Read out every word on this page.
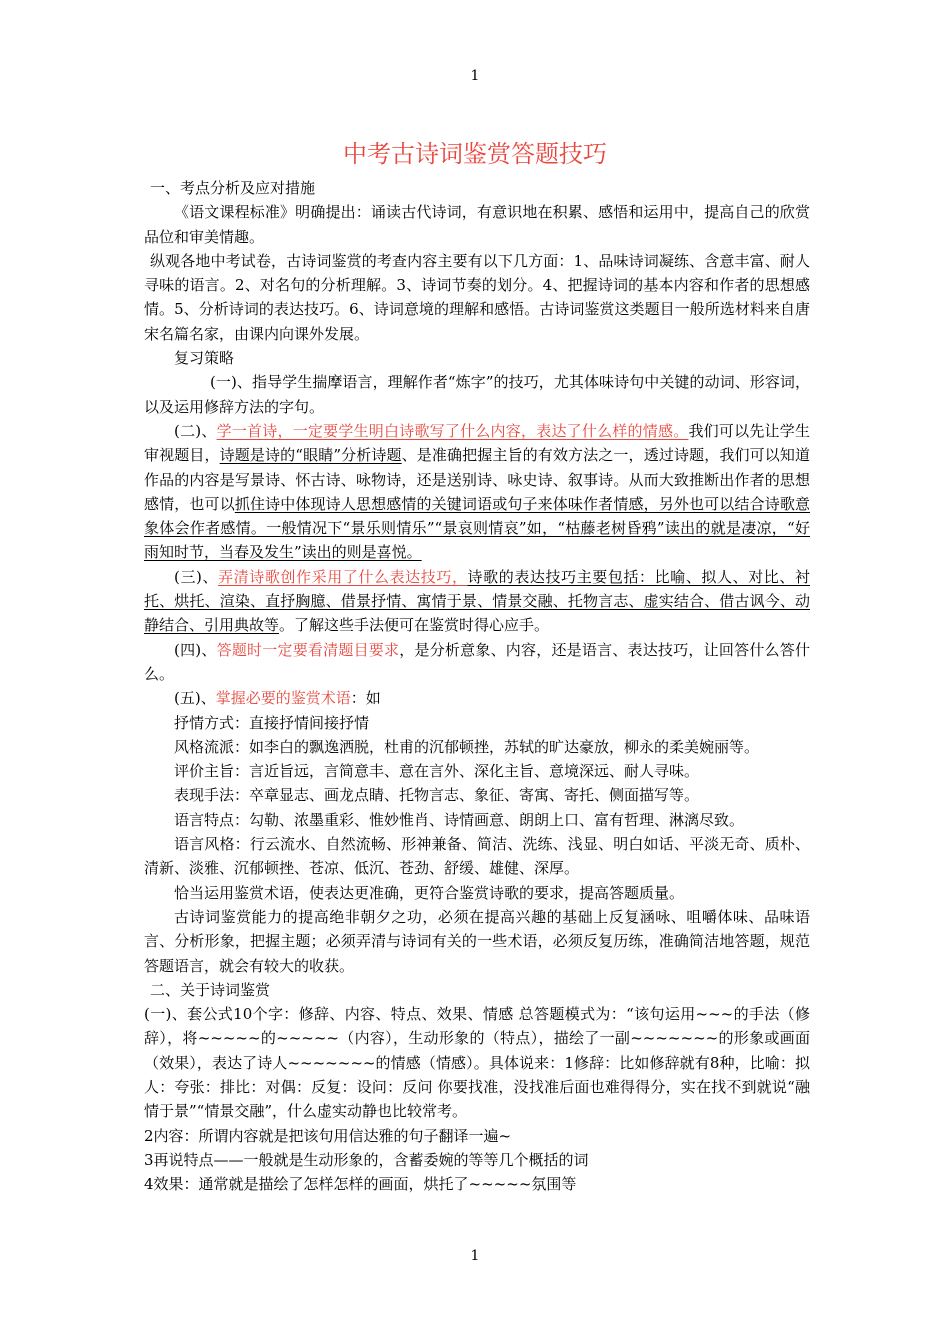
1
中考古诗词鉴赏答题技巧

一、考点分析及应对措施

《语文课程标准》明确提出：诵读古代诗词，有意识地在积累、感悟和运用中，提高自己的欣赏品位和审美情趣。

纵观各地中考试卷，古诗词鉴赏的考查内容主要有以下几方面：1、品味诗词凝练、含意丰富、耐人寻味的语言。2、对名句的分析理解。3、诗词节奏的划分。4、把握诗词的基本内容和作者的思想感情。5、分析诗词的表达技巧。6、诗词意境的理解和感悟。古诗词鉴赏这类题目一般所选材料来自唐宋名篇名家，由课内向课外发展。

复习策略

(一)、指导学生揣摩语言，理解作者“炼字”的技巧，尤其体味诗句中关键的动词、形容词，以及运用修辞方法的字句。

(二)、学一首诗，一定要学生明白诗歌写了什么内容，表达了什么样的情感。我们可以先让学生审视题目，诗题是诗的“眼睛”分析诗题、是准确把握主旨的有效方法之一，透过诗题，我们可以知道作品的内容是写景诗、怀古诗、咏物诗，还是送别诗、咏史诗、叙事诗。从而大致推断出作者的思想感情，也可以抓住诗中体现诗人思想感情的关键词语或句子来体味作者情感，另外也可以结合诗歌意象体会作者感情。一般情况下“景乐则情乐”“景哀则情哀”如，“枯藤老树昏鸦”读出的就是凄凉，“好雨知时节，当春及发生”读出的则是喜悦。

(三)、弄清诗歌创作采用了什么表达技巧，诗歌的表达技巧主要包括：比喻、拟人、对比、衬托、烘托、渲染、直抒胸臆、借景抒情、寓情于景、情景交融、托物言志、虚实结合、借古讽今、动静结合、引用典故等。了解这些手法便可在鉴赏时得心应手。

(四)、答题时一定要看清题目要求，是分析意象、内容，还是语言、表达技巧，让回答什么答什么。

(五)、掌握必要的鉴赏术语：如

抒情方式：直接抒情间接抒情

风格流派：如李白的飘逸洒脱，杜甫的沉郁顿挫，苏轼的旷达豪放，柳永的柔美婉丽等。

评价主旨：言近旨远，言简意丰、意在言外、深化主旨、意境深远、耐人寻味。

表现手法：卒章显志、画龙点睛、托物言志、象征、寄寓、寄托、侧面描写等。

语言特点：勾勒、浓墨重彩、惟妙惟肖、诗情画意、朗朗上口、富有哲理、淋漓尽致。

语言风格：行云流水、自然流畅、形神兼备、简洁、洗练、浅显、明白如话、平淡无奇、质朴、清新、淡雅、沉郁顿挫、苍凉、低沉、苍劲、舒缓、雄健、深厚。

恰当运用鉴赏术语，使表达更准确，更符合鉴赏诗歌的要求，提高答题质量。

古诗词鉴赏能力的提高绝非朝夕之功，必须在提高兴趣的基础上反复涵咏、咀嚼体味、品味语言、分析形象，把握主题；必须弄清与诗词有关的一些术语，必须反复历练，准确简洁地答题，规范答题语言，就会有较大的收获。

二、关于诗词鉴赏

(一)、套公式10个字：修辞、内容、特点、效果、情感 总答题模式为：“该句运用~~~的手法（修辞），将~~~~~的~~~~~（内容），生动形象的（特点），描绘了一副~~~~~~~的形象或画面（效果），表达了诗人~~~~~~~的情感（情感）。具体说来：1修辞：比如修辞就有8种，比喻：拟人：夸张：排比：对偶：反复：设问：反问 你要找准，没找准后面也难得得分，实在找不到就说“融情于景”“情景交融”，什么虚实动静也比较常考。

2内容：所谓内容就是把该句用信达雅的句子翻译一遍~

3再说特点——一般就是生动形象的，含蓄委婉的等等几个概括的词

4效果：通常就是描绘了怎样怎样的画面，烘托了~~~~~氛围等

1
